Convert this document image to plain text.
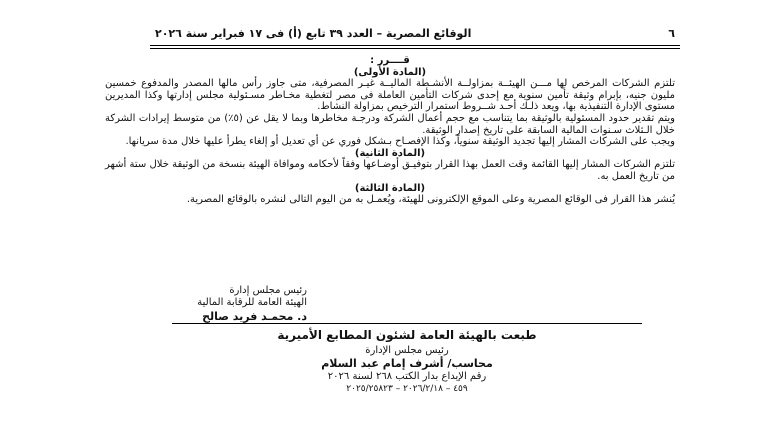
٦
الوقائع المصرية – العدد ٣٩ تابع (أ) فى ١٧ فبراير سنة ٢٠٢٦

قــــرر :

(المادة الأولى)

تلتزم الشركات المرخص لها مـــن الهيئــة بمزاولــة الأنشـطة الماليــة غيـر المصرفية، متى جاوز رأس مالها المصدر والمدفوع خمسين مليون جنيه، بإبرام وثيقة تأمين سنوية مع إحدى شركات التأمين العاملة فى مصر لتغطية مخـاطر مسـئولية مجلس إدارتها وكذا المديرين مستوى الإدارة التنفيذية بها، ويعد ذلـك أحـد شــروط استمرار الترخيص بمزاولة النشاط.

ويتم تقدير حدود المسئولية بالوثيقة بما يتناسب مع حجم أعمال الشركة ودرجـة مخاطرها وبما لا يقل عن (٥٪) من متوسط إيرادات الشركة خلال الـثلاث سـنوات المالية السابقة على تاريخ إصدار الوثيقة.

ويجب على الشركات المشار إليها تجديد الوثيقة سنوياً، وكذا الإفصـاح بـشكل فوري عن أي تعديل أو إلغاء يطرأ عليها خلال مدة سريانها.

(المادة الثانية)

تلتزم الشركات المشار إليها القائمة وقت العمل بهذا القرار بتوفيـق أوضـاعها وفقاً لأحكامه وموافاة الهيئة بنسخة من الوثيقة خلال ستة أشهر من تاريخ العمل به.

(المادة الثالثة)

يُنشر هذا القرار فى الوقائع المصرية وعلى الموقع الإلكترونى للهيئة، ويُعمـل به من اليوم التالى لنشره بالوقائع المصرية.

رئيس مجلس إدارة
الهيئة العامة للرقابة المالية
د. محمـد فريد صالح
طبعت بالهيئة العامة لشئون المطابع الأميرية
رئيس مجلس الإدارة
محاسب/ أشرف إمام عبد السلام
رقم الإيداع بدار الكتب ٢٦٨ لسنة ٢٠٢٦
٤٥٩ – ٢٠٢٦/٢/١٨ – ٢٠٢٥/٢٥٨٢٣
